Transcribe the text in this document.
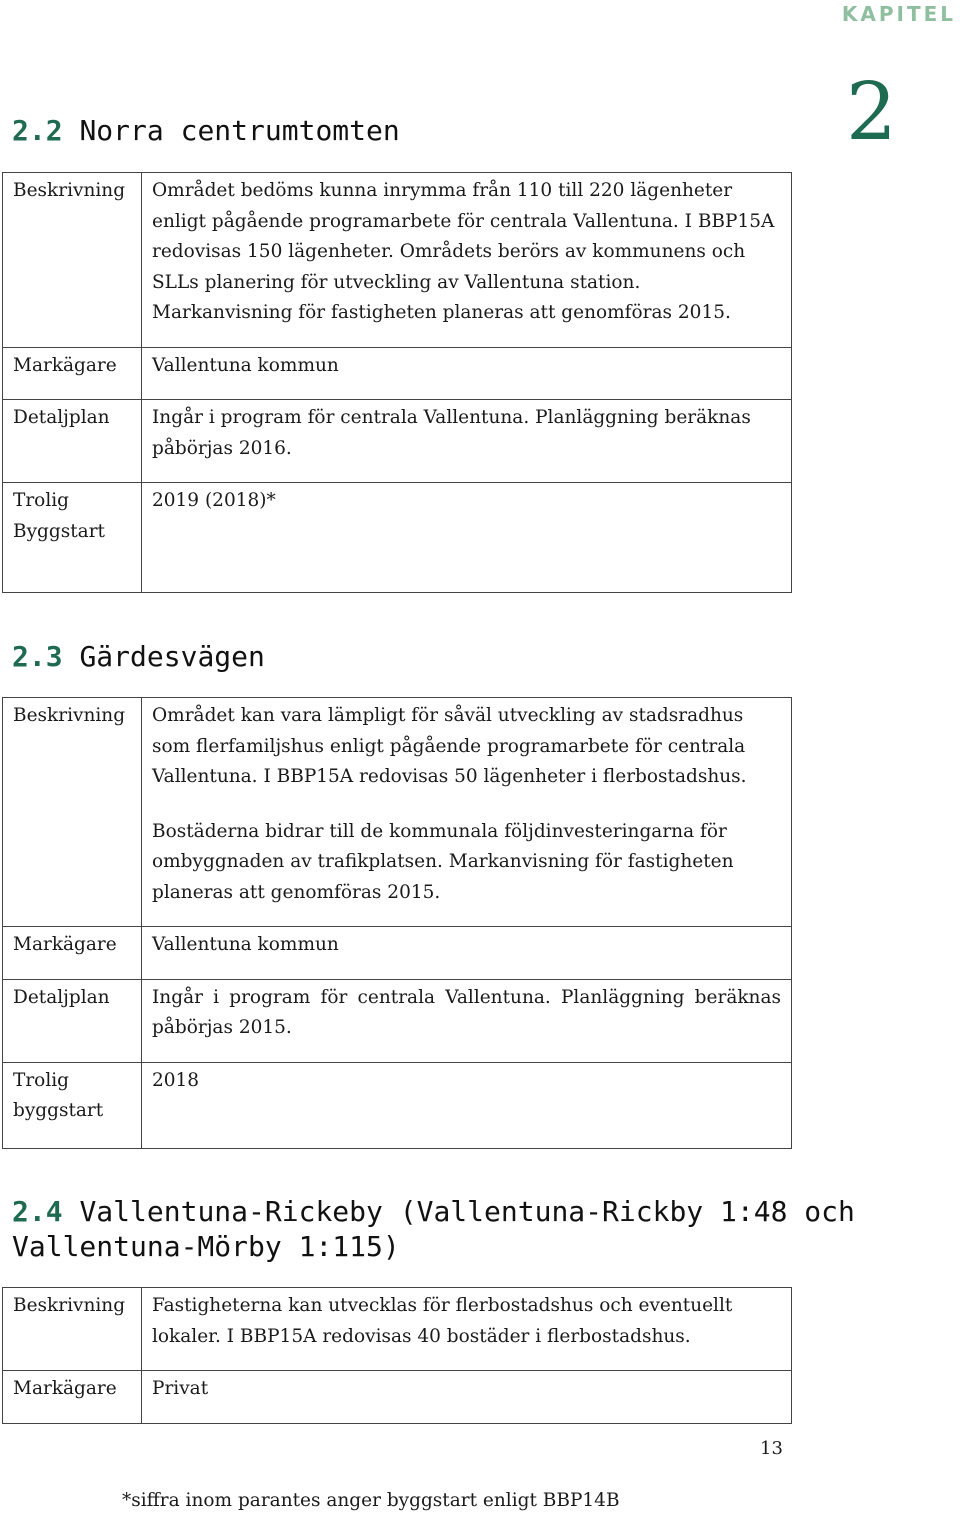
KAPITEL
2
2.2 Norra centrumtomten
Beskrivning	Området bedöms kunna inrymma från 110 till 220 lägenheter enligt pågående programarbete för centrala Vallentuna. I BBP15A redovisas 150 lägenheter. Områdets berörs av kommunens och SLLs planering för utveckling av Vallentuna station. Markanvisning för fastigheten planeras att genomföras 2015.
Markägare	Vallentuna kommun
Detaljplan	Ingår i program för centrala Vallentuna. Planläggning beräknas påbörjas 2016.
Trolig Byggstart	2019 (2018)*
2.3 Gärdesvägen
Beskrivning	Området kan vara lämpligt för såväl utveckling av stadsradhus som flerfamiljshus enligt pågående programarbete för centrala Vallentuna. I BBP15A redovisas 50 lägenheter i flerbostadshus.

Bostäderna bidrar till de kommunala följdinvesteringarna för ombyggnaden av trafikplatsen. Markanvisning för fastigheten planeras att genomföras 2015.

Markägare	Vallentuna kommun
Detaljplan	Ingår i program för centrala Vallentuna. Planläggning beräknas påbörjas 2015.
Trolig byggstart	2018
2.4 Vallentuna-Rickeby (Vallentuna-Rickby 1:48 och Vallentuna-Mörby 1:115)
Beskrivning	Fastigheterna kan utvecklas för flerbostadshus och eventuellt lokaler. I BBP15A redovisas 40 bostäder i flerbostadshus.
Markägare	Privat
13
*siffra inom parantes anger byggstart enligt BBP14B
